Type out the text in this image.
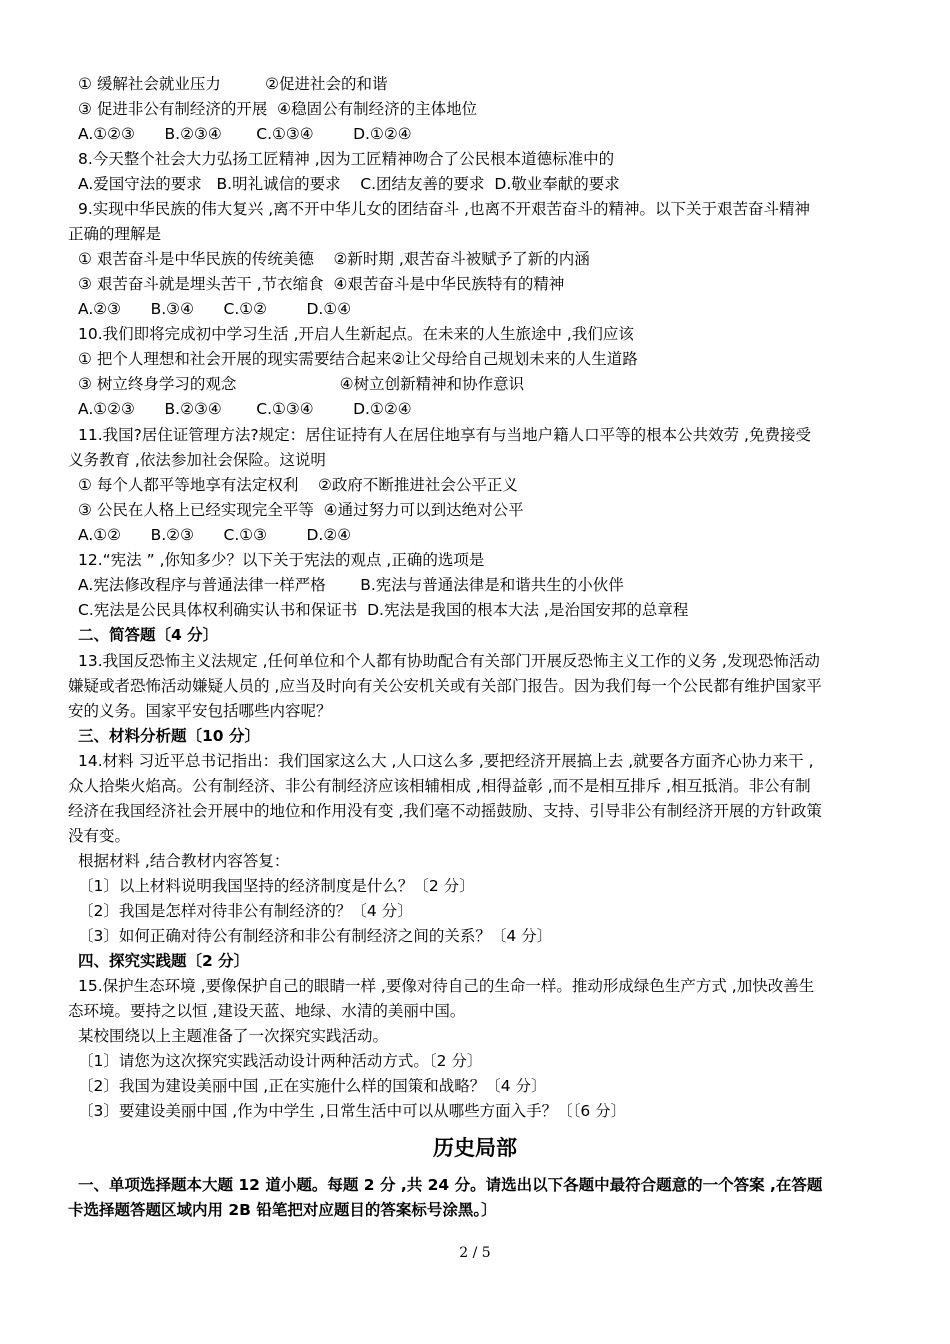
① 缓解社会就业压力         ②促进社会的和谐
③ 促进非公有制经济的开展  ④稳固公有制经济的主体地位
A.①②③      B.②③④       C.①③④        D.①②④
8.今天整个社会大力弘扬工匠精神 ,因为工匠精神吻合了公民根本道德标准中的
A.爱国守法的要求   B.明礼诚信的要求    C.团结友善的要求  D.敬业奉献的要求
9.实现中华民族的伟大复兴 ,离不开中华儿女的团结奋斗 ,也离不开艰苦奋斗的精神。以下关于艰苦奋斗精神
正确的理解是
① 艰苦奋斗是中华民族的传统美德    ②新时期 ,艰苦奋斗被赋予了新的内涵
③ 艰苦奋斗就是埋头苦干 ,节衣缩食  ④艰苦奋斗是中华民族特有的精神
A.②③      B.③④      C.①②        D.①④
10.我们即将完成初中学习生活 ,开启人生新起点。在未来的人生旅途中 ,我们应该
① 把个人理想和社会开展的现实需要结合起来②让父母给自己规划未来的人生道路
③ 树立终身学习的观念                     ④树立创新精神和协作意识
A.①②③      B.②③④       C.①③④        D.①②④
11.我国?居住证管理方法?规定：居住证持有人在居住地享有与当地户籍人口平等的根本公共效劳 ,免费接受
义务教育 ,依法参加社会保险。这说明
① 每个人都平等地享有法定权利    ②政府不断推进社会公平正义
③ 公民在人格上已经实现完全平等  ④通过努力可以到达绝对公平
A.①②      B.②③      C.①③        D.②④
12.“宪法 ” ,你知多少？以下关于宪法的观点 ,正确的选项是
A.宪法修改程序与普通法律一样严格       B.宪法与普通法律是和谐共生的小伙伴
C.宪法是公民具体权利确实认书和保证书  D.宪法是我国的根本大法 ,是治国安邦的总章程
二、简答题〔4 分〕
13.我国反恐怖主义法规定 ,任何单位和个人都有协助配合有关部门开展反恐怖主义工作的义务 ,发现恐怖活动
嫌疑或者恐怖活动嫌疑人员的 ,应当及时向有关公安机关或有关部门报告。因为我们每一个公民都有维护国家平
安的义务。国家平安包括哪些内容呢？
三、材料分析题〔10 分〕
14.材料 习近平总书记指出：我们国家这么大 ,人口这么多 ,要把经济开展搞上去 ,就要各方面齐心协力来干 ,
众人拾柴火焰高。公有制经济、非公有制经济应该相辅相成 ,相得益彰 ,而不是相互排斥 ,相互抵消。非公有制
经济在我国经济社会开展中的地位和作用没有变 ,我们毫不动摇鼓励、支持、引导非公有制经济开展的方针政策
没有变。
根据材料 ,结合教材内容答复：
〔1〕以上材料说明我国坚持的经济制度是什么？〔2 分〕
〔2〕我国是怎样对待非公有制经济的？〔4 分〕
〔3〕如何正确对待公有制经济和非公有制经济之间的关系？〔4 分〕
四、探究实践题〔2 分〕
15.保护生态环境 ,要像保护自己的眼睛一样 ,要像对待自己的生命一样。推动形成绿色生产方式 ,加快改善生
态环境。要持之以恒 ,建设天蓝、地绿、水清的美丽中国。
某校围绕以上主题准备了一次探究实践活动。
〔1〕请您为这次探究实践活动设计两种活动方式。〔2 分〕
〔2〕我国为建设美丽中国 ,正在实施什么样的国策和战略？〔4 分〕
〔3〕要建设美丽中国 ,作为中学生 ,日常生活中可以从哪些方面入手？〔〔6 分〕
历史局部
一、单项选择题本大题 12 道小题。每题 2 分 ,共 24 分。请选出以下各题中最符合题意的一个答案 ,在答题
卡选择题答题区域内用 2B 铅笔把对应题目的答案标号涂黑。〕
2 / 5
